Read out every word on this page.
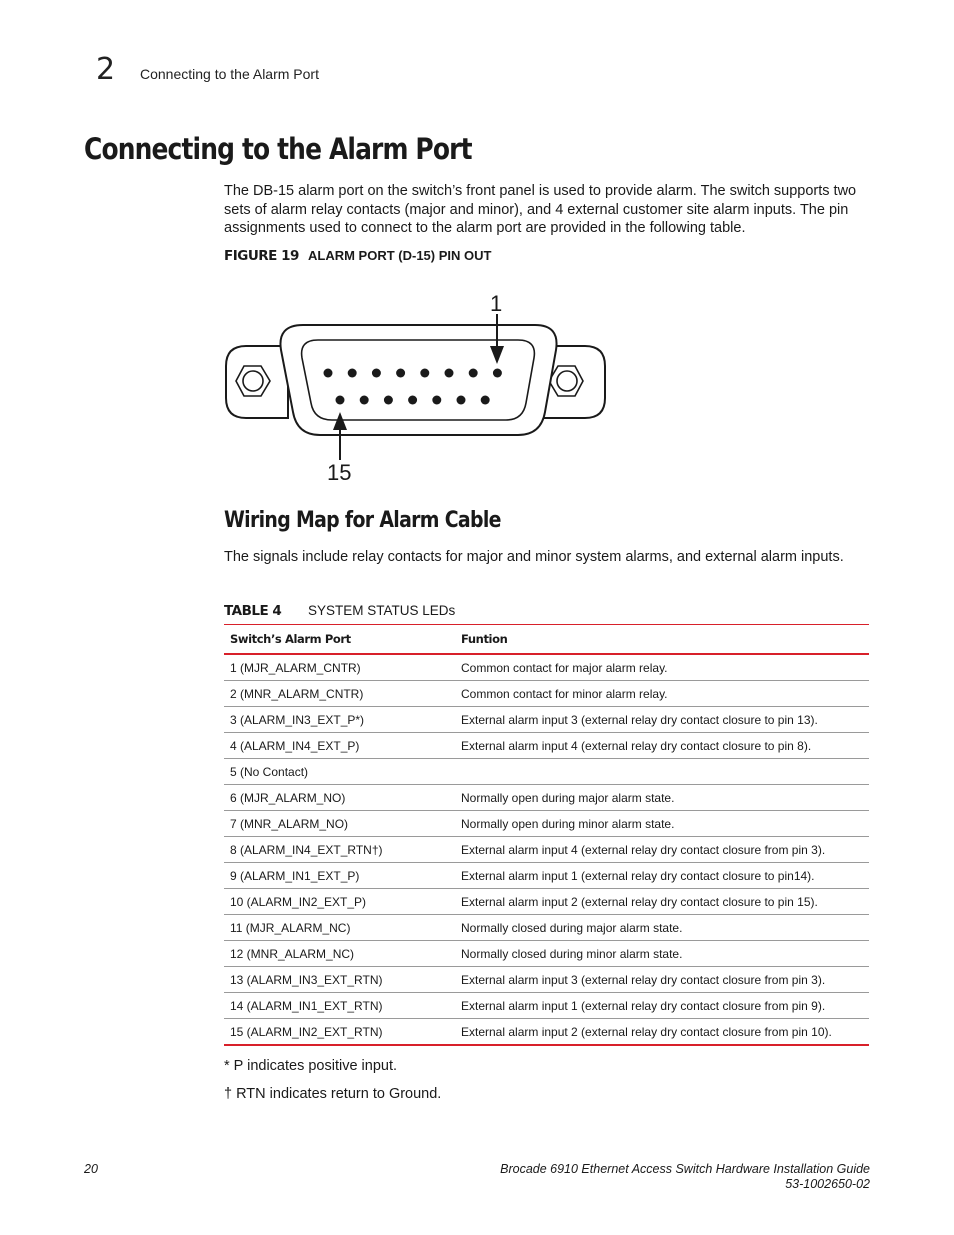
2 Connecting to the Alarm Port
Connecting to the Alarm Port

The DB-15 alarm port on the switch’s front panel is used to provide alarm. The switch supports two sets of alarm relay contacts (major and minor), and 4 external customer site alarm inputs. The pin assignments used to connect to the alarm port are provided in the following table.

FIGURE 19 ALARM PORT (D-15) PIN OUT
1
15
Wiring Map for Alarm Cable

The signals include relay contacts for major and minor system alarms, and external alarm inputs.

TABLE 4 SYSTEM STATUS LEDs
Switch’s Alarm Port	Funtion
1 (MJR_ALARM_CNTR)	Common contact for major alarm relay.
2 (MNR_ALARM_CNTR)	Common contact for minor alarm relay.
3 (ALARM_IN3_EXT_P*)	External alarm input 3 (external relay dry contact closure to pin 13).
4 (ALARM_IN4_EXT_P)	External alarm input 4 (external relay dry contact closure to pin 8).
5 (No Contact)	
6 (MJR_ALARM_NO)	Normally open during major alarm state.
7 (MNR_ALARM_NO)	Normally open during minor alarm state.
8 (ALARM_IN4_EXT_RTN†)	External alarm input 4 (external relay dry contact closure from pin 3).
9 (ALARM_IN1_EXT_P)	External alarm input 1 (external relay dry contact closure to pin14).
10 (ALARM_IN2_EXT_P)	External alarm input 2 (external relay dry contact closure to pin 15).
11 (MJR_ALARM_NC)	Normally closed during major alarm state.
12 (MNR_ALARM_NC)	Normally closed during minor alarm state.
13 (ALARM_IN3_EXT_RTN)	External alarm input 3 (external relay dry contact closure from pin 3).
14 (ALARM_IN1_EXT_RTN)	External alarm input 1 (external relay dry contact closure from pin 9).
15 (ALARM_IN2_EXT_RTN)	External alarm input 2 (external relay dry contact closure from pin 10).
* P indicates positive input.
† RTN indicates return to Ground.
20	Brocade 6910 Ethernet Access Switch Hardware Installation Guide
53-1002650-02
